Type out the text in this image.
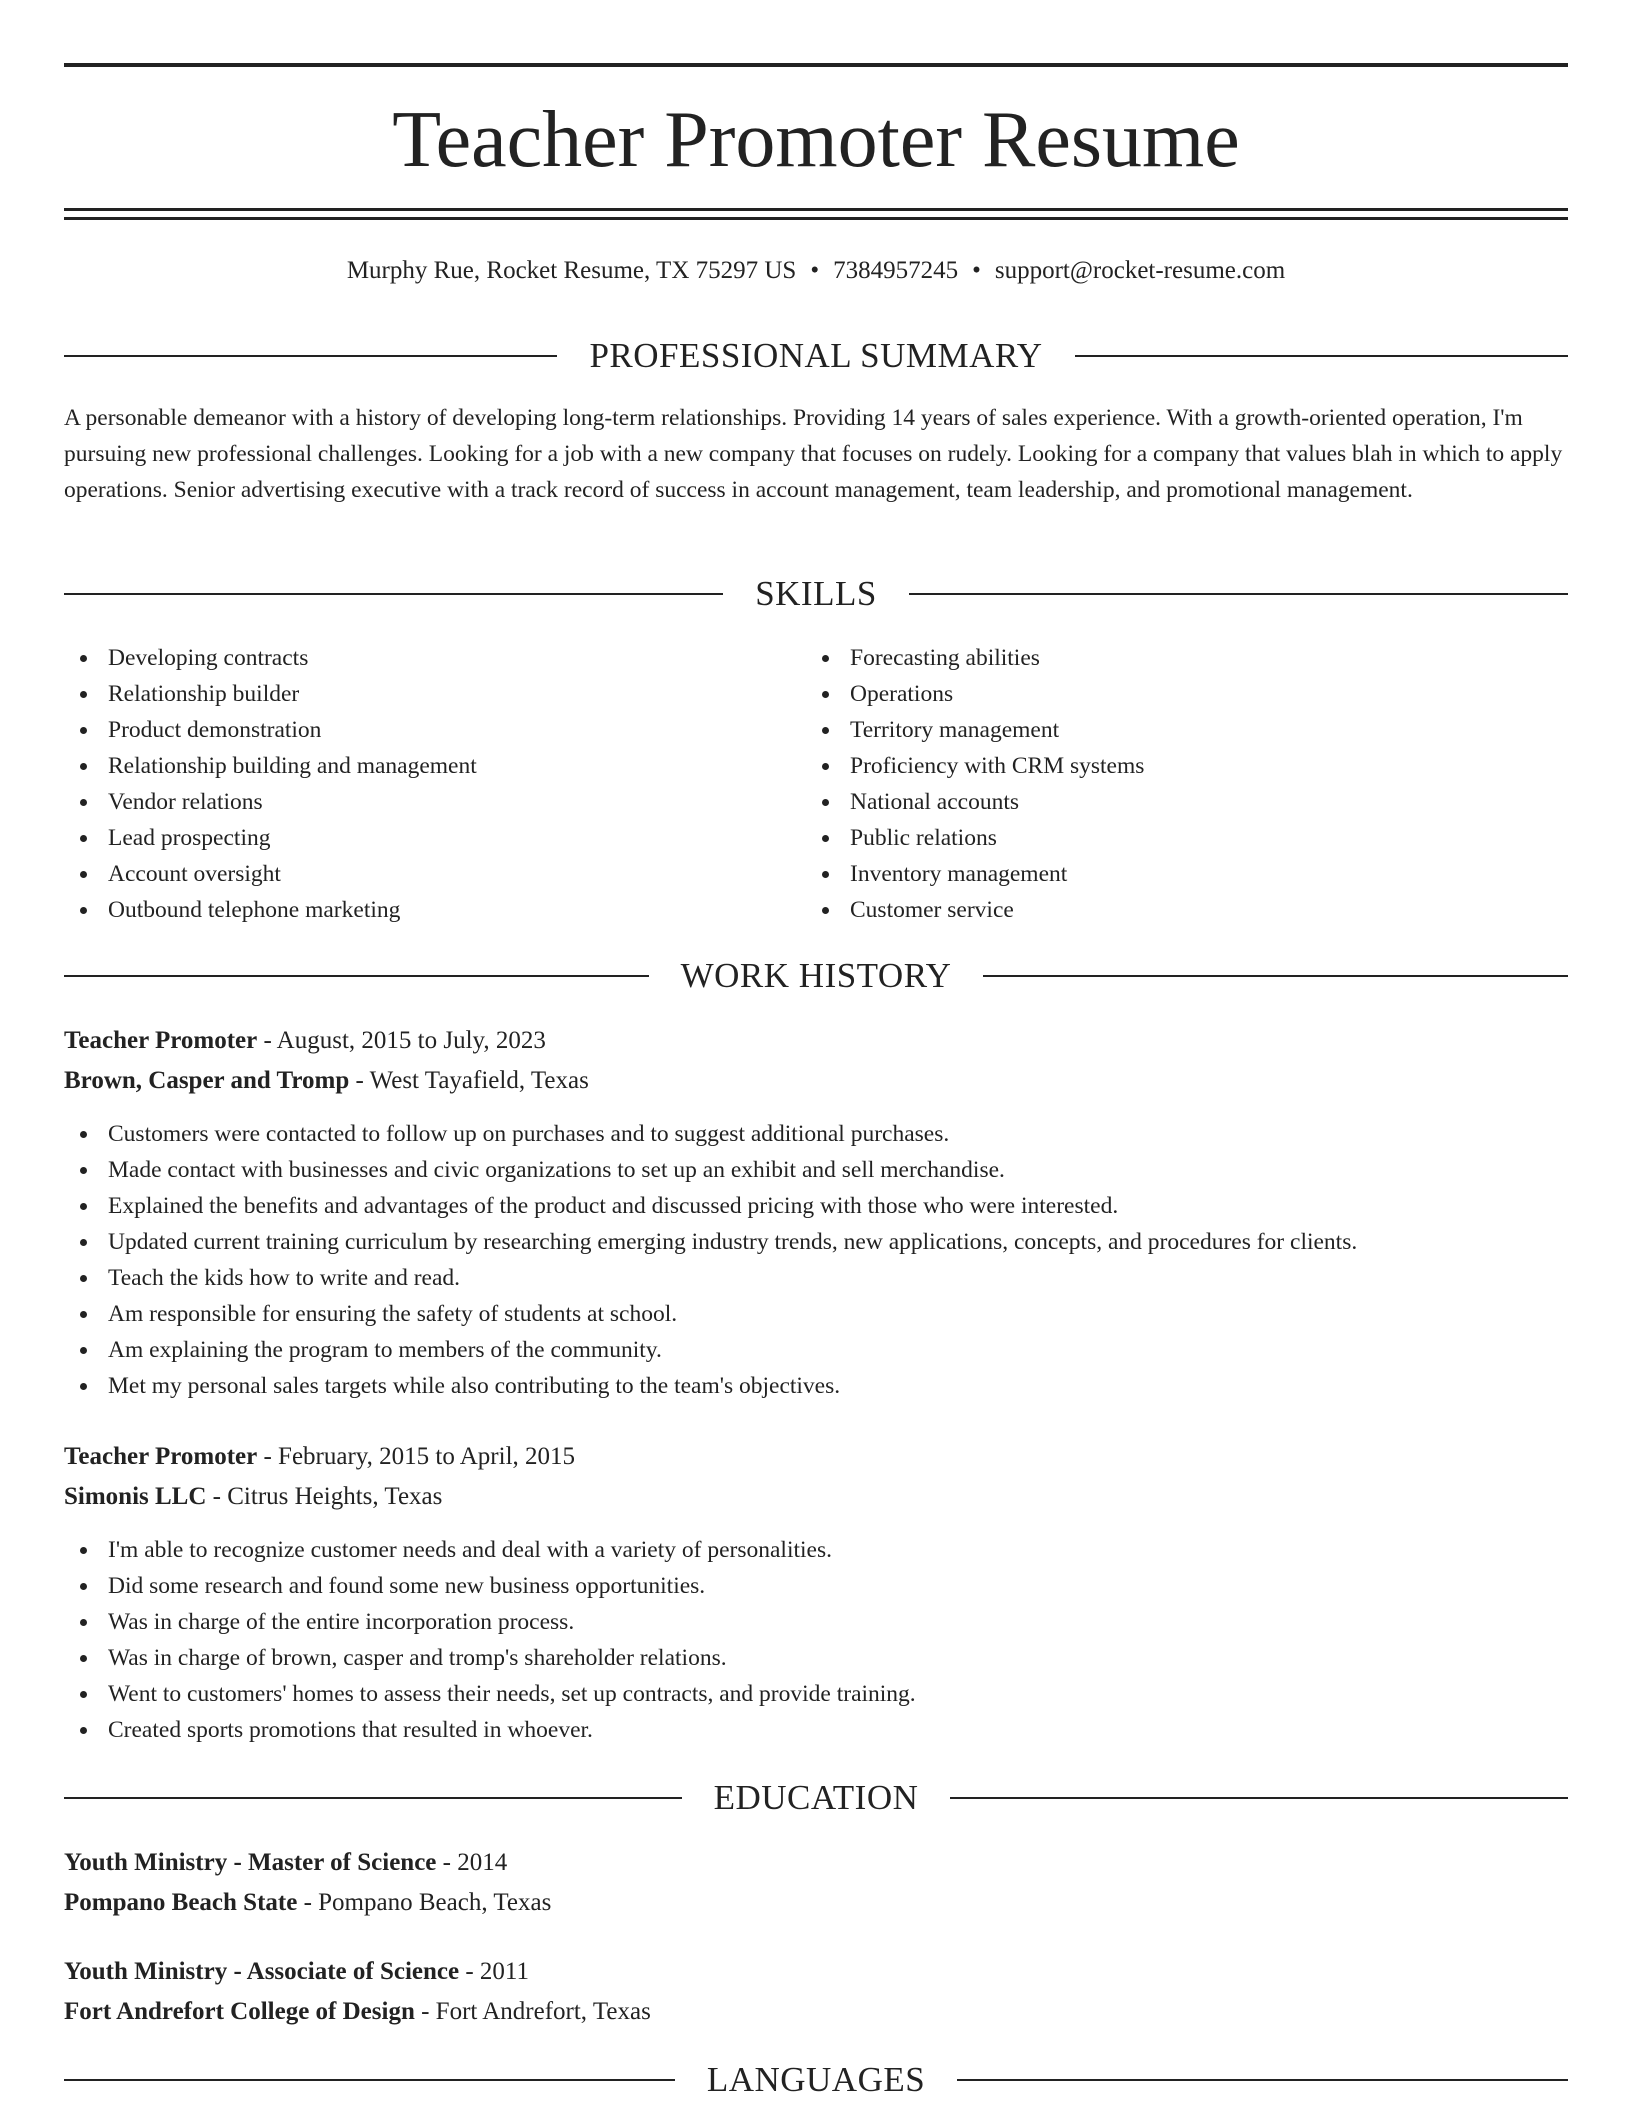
Teacher Promoter Resume
Murphy Rue, Rocket Resume, TX 75297 US • 7384957245 • support@rocket-resume.com
PROFESSIONAL SUMMARY

A personable demeanor with a history of developing long-term relationships. Providing 14 years of sales experience. With a growth-oriented operation, I'm pursuing new professional challenges. Looking for a job with a new company that focuses on rudely. Looking for a company that values blah in which to apply operations. Senior advertising executive with a track record of success in account management, team leadership, and promotional management.

SKILLS
Developing contracts
Relationship builder
Product demonstration
Relationship building and management
Vendor relations
Lead prospecting
Account oversight
Outbound telephone marketing
Forecasting abilities
Operations
Territory management
Proficiency with CRM systems
National accounts
Public relations
Inventory management
Customer service
WORK HISTORY
Teacher Promoter - August, 2015 to July, 2023
Brown, Casper and Tromp - West Tayafield, Texas
Customers were contacted to follow up on purchases and to suggest additional purchases.
Made contact with businesses and civic organizations to set up an exhibit and sell merchandise.
Explained the benefits and advantages of the product and discussed pricing with those who were interested.
Updated current training curriculum by researching emerging industry trends, new applications, concepts, and procedures for clients.
Teach the kids how to write and read.
Am responsible for ensuring the safety of students at school.
Am explaining the program to members of the community.
Met my personal sales targets while also contributing to the team's objectives.
Teacher Promoter - February, 2015 to April, 2015
Simonis LLC - Citrus Heights, Texas
I'm able to recognize customer needs and deal with a variety of personalities.
Did some research and found some new business opportunities.
Was in charge of the entire incorporation process.
Was in charge of brown, casper and tromp's shareholder relations.
Went to customers' homes to assess their needs, set up contracts, and provide training.
Created sports promotions that resulted in whoever.
EDUCATION
Youth Ministry - Master of Science - 2014
Pompano Beach State - Pompano Beach, Texas
Youth Ministry - Associate of Science - 2011
Fort Andrefort College of Design - Fort Andrefort, Texas
LANGUAGES
